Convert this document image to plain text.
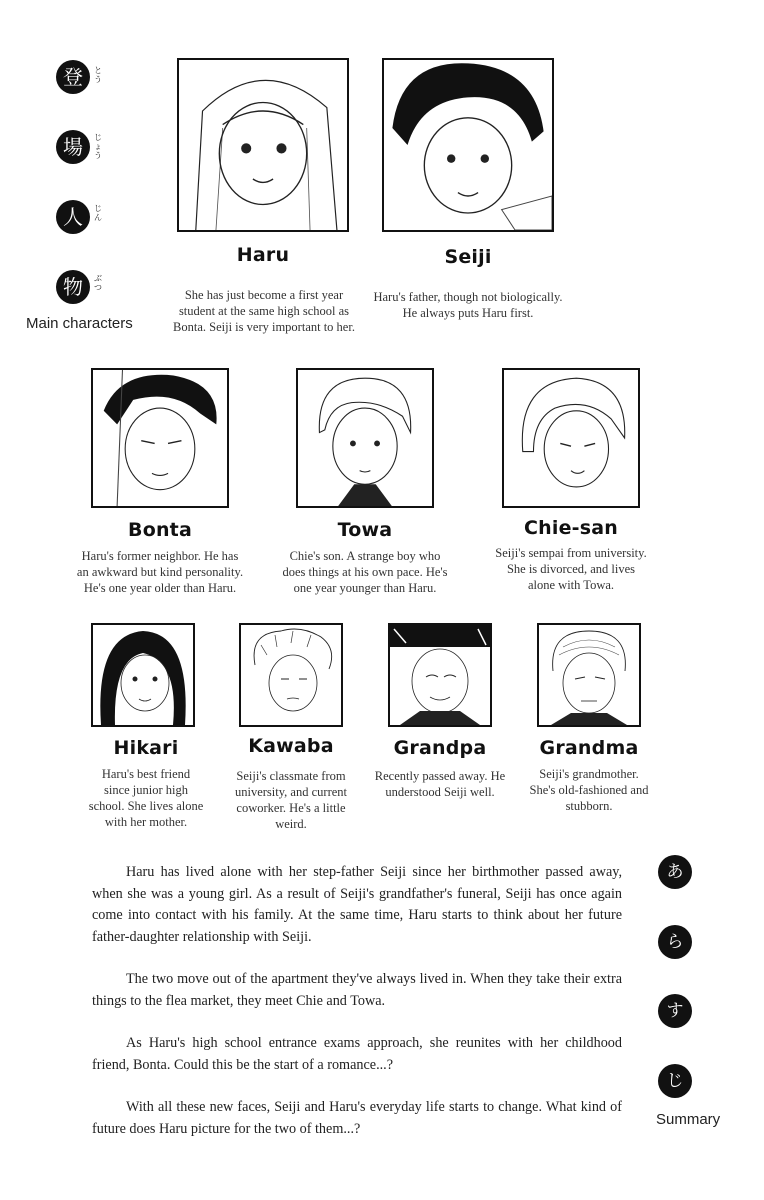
登	とう
場	じょう
人	じん
物	ぶつ
Main characters
Haru
She has just become a first year
student at the same high school as
Bonta. Seiji is very important to her.
Seiji
Haru's father, though not biologically.
He always puts Haru first.
Bonta
Haru's former neighbor. He has
an awkward but kind personality.
He's one year older than Haru.
Towa
Chie's son. A strange boy who
does things at his own pace. He's
one year younger than Haru.
Chie-san
Seiji's sempai from university.
She is divorced, and lives
alone with Towa.
Hikari
Haru's best friend
since junior high
school. She lives alone
with her mother.
Kawaba
Seiji's classmate from
university, and current
coworker. He's a little
weird.
Grandpa
Recently passed away. He
understood Seiji well.
Grandma
Seiji's grandmother.
She's old-fashioned and
stubborn.

Haru has lived alone with her step-father Seiji since her birthmother passed away, when she was a young girl. As a result of Seiji's grandfather's funeral, Seiji has once again come into contact with his family. At the same time, Haru starts to think about her future father-daughter relationship with Seiji.

The two move out of the apartment they've always lived in. When they take their extra things to the flea market, they meet Chie and Towa.

As Haru's high school entrance exams approach, she reunites with her childhood friend, Bonta. Could this be the start of a romance...?

With all these new faces, Seiji and Haru's everyday life starts to change. What kind of future does Haru picture for the two of them...?

あ
ら
す
じ
Summary
